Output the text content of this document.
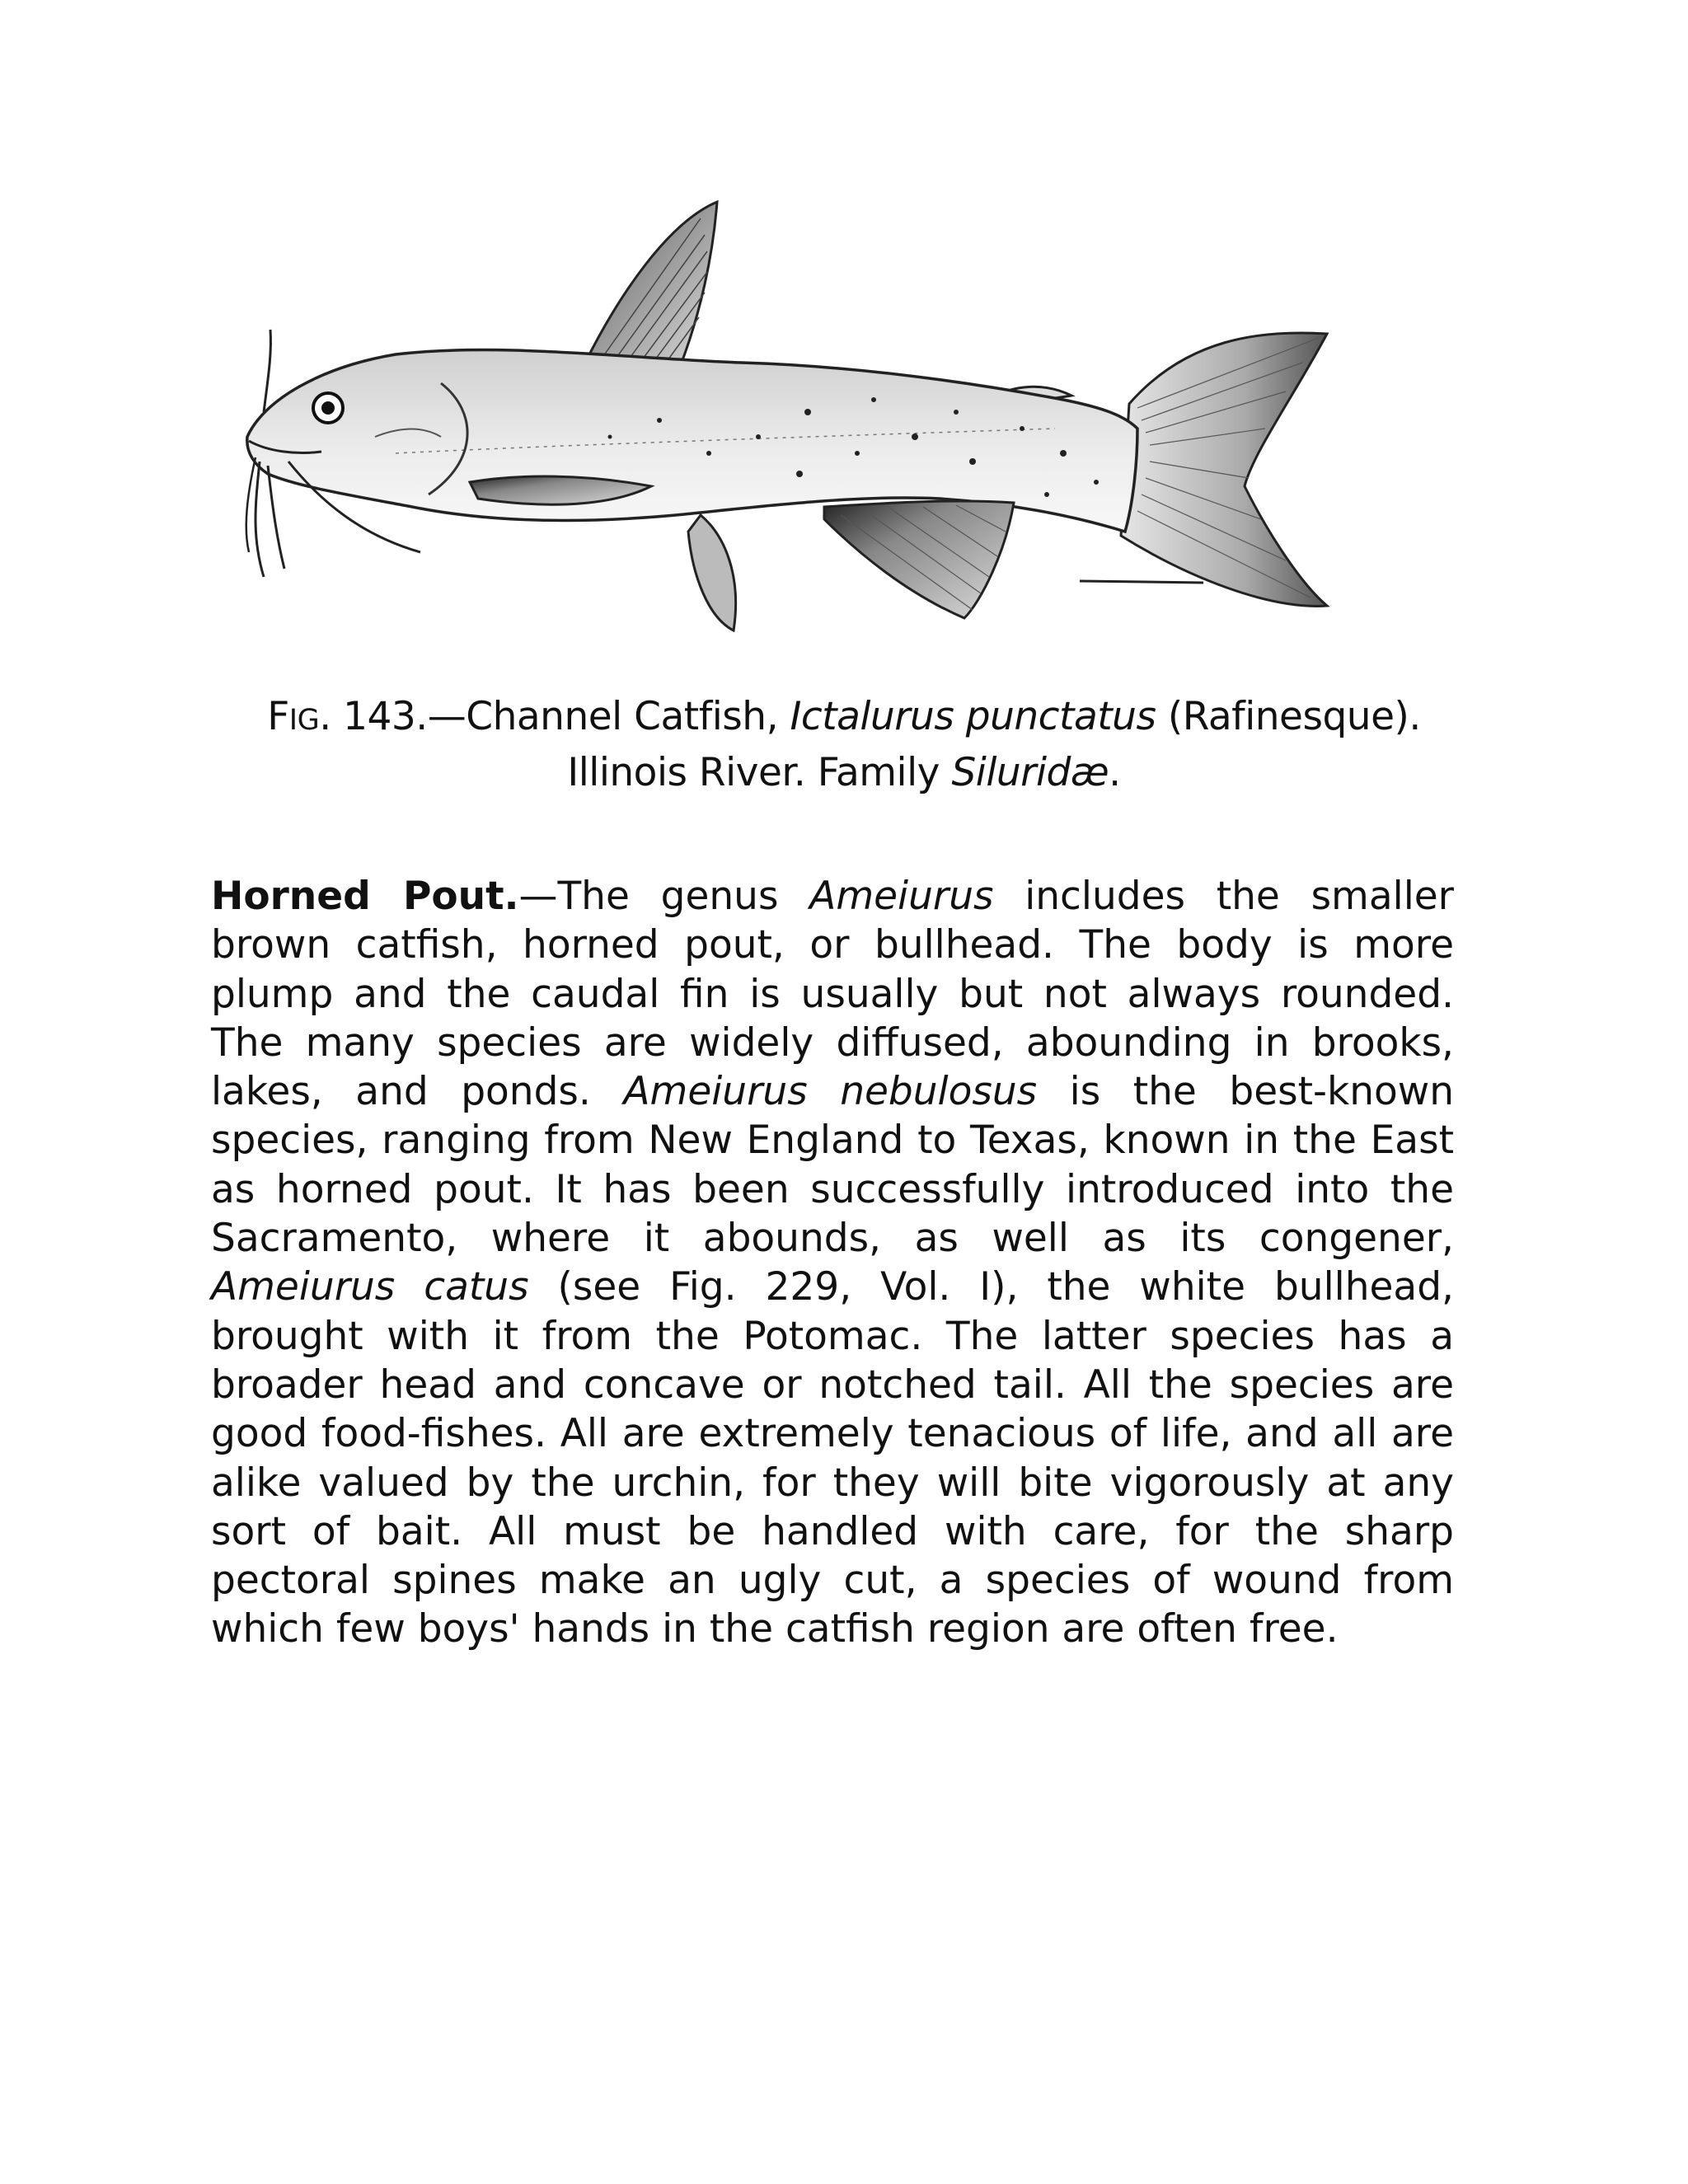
FIG. 143.—Channel Catfish, Ictalurus punctatus (Rafinesque).
Illinois River. Family Siluridæ.
Horned Pout.—The genus Ameiurus includes the smaller brown catfish, horned pout, or bullhead. The body is more plump and the caudal fin is usually but not always rounded. The many species are widely diffused, abounding in brooks, lakes, and ponds. Ameiurus nebulosus is the best-known species, ranging from New England to Texas, known in the East as horned pout. It has been successfully introduced into the Sacramento, where it abounds, as well as its congener, Ameiurus catus (see Fig. 229, Vol. I), the white bullhead, brought with it from the Potomac. The latter species has a broader head and concave or notched tail. All the species are good food-fishes. All are extremely tenacious of life, and all are alike valued by the urchin, for they will bite vigorously at any sort of bait. All must be handled with care, for the sharp pectoral spines make an ugly cut, a species of wound from which few boys' hands in the catfish region are often free.
